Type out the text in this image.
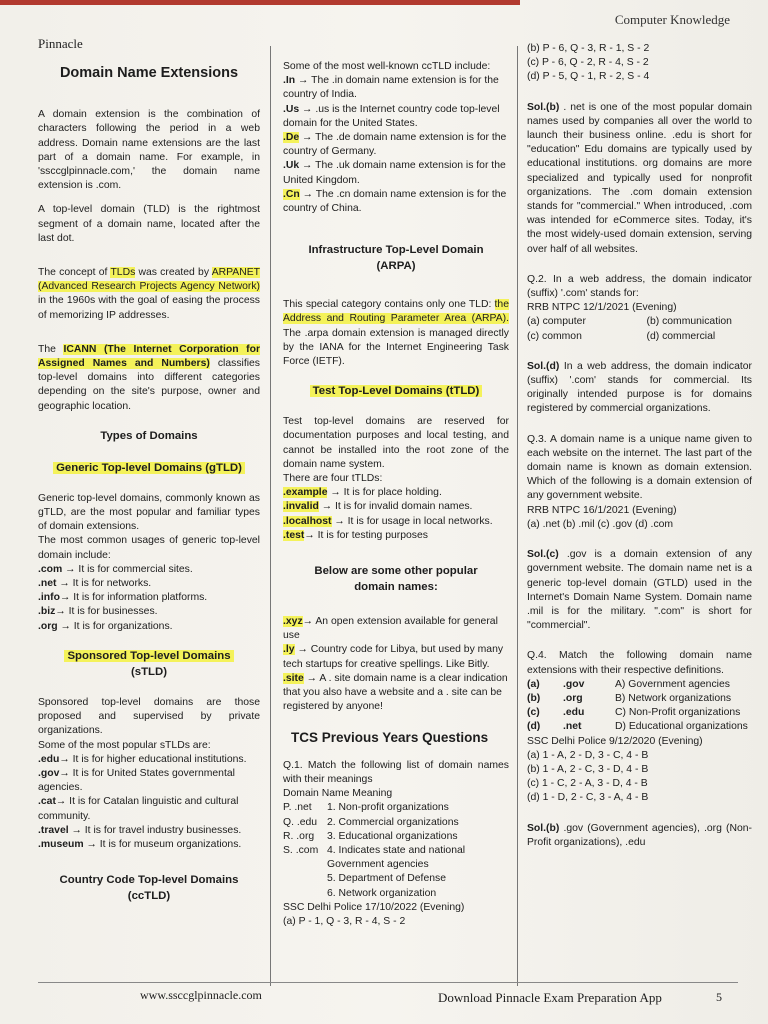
Pinnacle
Computer Knowledge
Domain Name Extensions

A domain extension is the combination of characters following the period in a web address. Domain name extensions are the last part of a domain name. For example, in 'ssccglpinnacle.com,' the domain name extension is .com.

A top-level domain (TLD) is the rightmost segment of a domain name, located after the last dot.

The concept of TLDs was created by ARPANET (Advanced Research Projects Agency Network) in the 1960s with the goal of easing the process of memorizing IP addresses.

The ICANN (The Internet Corporation for Assigned Names and Numbers) classifies top-level domains into different categories depending on the site's purpose, owner and geographic location.

Types of Domains
Generic Top-level Domains (gTLD)

Generic top-level domains, commonly known as gTLD, are the most popular and familiar types of domain extensions.

The most common usages of generic top-level domain include:

.com → It is for commercial sites.
.net → It is for networks.
.info→ It is for information platforms.
.biz→ It is for businesses.
.org → It is for organizations.
Sponsored Top-level Domains
(sTLD)

Sponsored top-level domains are those proposed and supervised by private organizations.

Some of the most popular sTLDs are:

.edu→ It is for higher educational institutions.
.gov→ It is for United States governmental agencies.
.cat→ It is for Catalan linguistic and cultural community.
.travel → It is for travel industry businesses.
.museum → It is for museum organizations.
Country Code Top-level Domains
(ccTLD)

Some of the most well-known ccTLD include:

.In → The .in domain name extension is for the country of India.
.Us → .us is the Internet country code top-level domain for the United States.
.De → The .de domain name extension is for the country of Germany.
.Uk → The .uk domain name extension is for the United Kingdom.
.Cn → The .cn domain name extension is for the country of China.
Infrastructure Top-Level Domain
(ARPA)

This special category contains only one TLD: the Address and Routing Parameter Area (ARPA). The .arpa domain extension is managed directly by the IANA for the Internet Engineering Task Force (IETF).

Test Top-Level Domains (tTLD)

Test top-level domains are reserved for documentation purposes and local testing, and cannot be installed into the root zone of the domain name system.

There are four tTLDs:

.example → It is for place holding.
.invalid → It is for invalid domain names.
.localhost → It is for usage in local networks.
.test→ It is for testing purposes
Below are some other popular
domain names:
.xyz→ An open extension available for general use
.ly → Country code for Libya, but used by many tech startups for creative spellings. Like Bitly.
.site → A . site domain name is a clear indication that you also have a website and a . site can be registered by anyone!
TCS Previous Years Questions

Q.1. Match the following list of domain names with their meanings

Domain Name Meaning
P. .net	1. Non-profit organizations
Q. .edu 2. Commercial organizations
R. .org	3. Educational organizations
S. .com 4. Indicates state and national Government agencies
5. Department of Defense
6. Network organization
SSC Delhi Police 17/10/2022 (Evening)
(a) P - 1, Q - 3, R - 4, S - 2
(b) P - 6, Q - 3, R - 1, S - 2
(c) P - 6, Q - 2, R - 4, S - 2
(d) P - 5, Q - 1, R - 2, S - 4

Sol.(b) . net is one of the most popular domain names used by companies all over the world to launch their business online. .edu is short for "education" Edu domains are typically used by educational institutions. org domains are more specialized and typically used for nonprofit organizations. The .com domain extension stands for "commercial." When introduced, .com was intended for eCommerce sites. Today, it's the most widely-used domain extension, serving over half of all websites.

Q.2. In a web address, the domain indicator (suffix) '.com' stands for:

RRB NTPC 12/1/2021 (Evening)
(a) computer	(b) communication
(c) common	(d) commercial

Sol.(d) In a web address, the domain indicator (suffix) '.com' stands for commercial. Its originally intended purpose is for domains registered by commercial organizations.

Q.3. A domain name is a unique name given to each website on the internet. The last part of the domain name is known as domain extension. Which of the following is a domain extension of any government website.

RRB NTPC 16/1/2021 (Evening)
(a) .net (b) .mil (c) .gov (d) .com

Sol.(c) .gov is a domain extension of any government website. The domain name net is a generic top-level domain (GTLD) used in the Internet's Domain Name System. Domain name .mil is for the military. ".com" is short for "commercial".

Q.4. Match the following domain name extensions with their respective definitions.

(a)	.gov	A) Government agencies
(b)	.org	B) Network organizations
(c)	.edu	C) Non-Profit organizations
(d)	.net	D) Educational organizations
SSC Delhi Police 9/12/2020 (Evening)
(a) 1 - A, 2 - D, 3 - C, 4 - B
(b) 1 - A, 2 - C, 3 - D, 4 - B
(c) 1 - C, 2 - A, 3 - D, 4 - B
(d) 1 - D, 2 - C, 3 - A, 4 - B

Sol.(b) .gov (Government agencies), .org (Non-Profit organizations), .edu

www.ssccglpinnacle.com	Download Pinnacle Exam Preparation App	5
